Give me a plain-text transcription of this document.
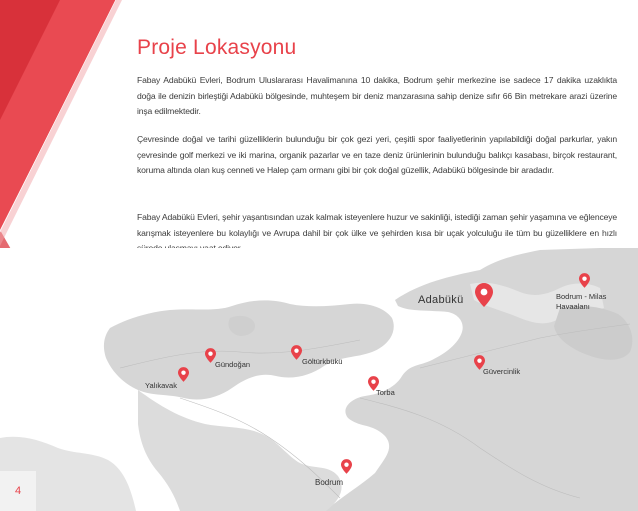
Proje Lokasyonu
Fabay Adabükü Evleri, Bodrum Uluslararası Havalimanına 10 dakika, Bodrum şehir merkezine ise sadece 17 dakika uzaklıkta doğa ile denizin birleştiği Adabükü bölgesinde, muhteşem bir deniz manzarasına sahip denize sıfır 66 Bin metrekare arazi üzerine inşa edilmektedir.
Çevresinde doğal ve tarihi güzelliklerin bulunduğu bir çok gezi yeri, çeşitli spor faaliyetlerinin yapılabildiği doğal parkurlar, yakın çevresinde golf merkezi ve iki marina, organik pazarlar ve en taze deniz ürünlerinin bulunduğu balıkçı kasabası, birçok restaurant, koruma altında olan kuş cenneti ve Halep çam ormanı gibi bir çok doğal güzellik, Adabükü bölgesinde bir aradadır.
Fabay Adabükü Evleri, şehir yaşantısından uzak kalmak isteyenlere huzur ve sakinliği, istediği zaman şehir yaşamına ve eğlenceye karışmak isteyenlere bu kolaylığı ve Avrupa dahil bir çok ülke ve şehirden kısa bir uçak yolculuğu ile tüm bu güzelliklere en hızlı
Adabükü	Bodrum - Milas Havaalanı
Gündoğan	Göltürkbükü
Yalıkavak
Torba
Güvercinlik
Bodrum
4
